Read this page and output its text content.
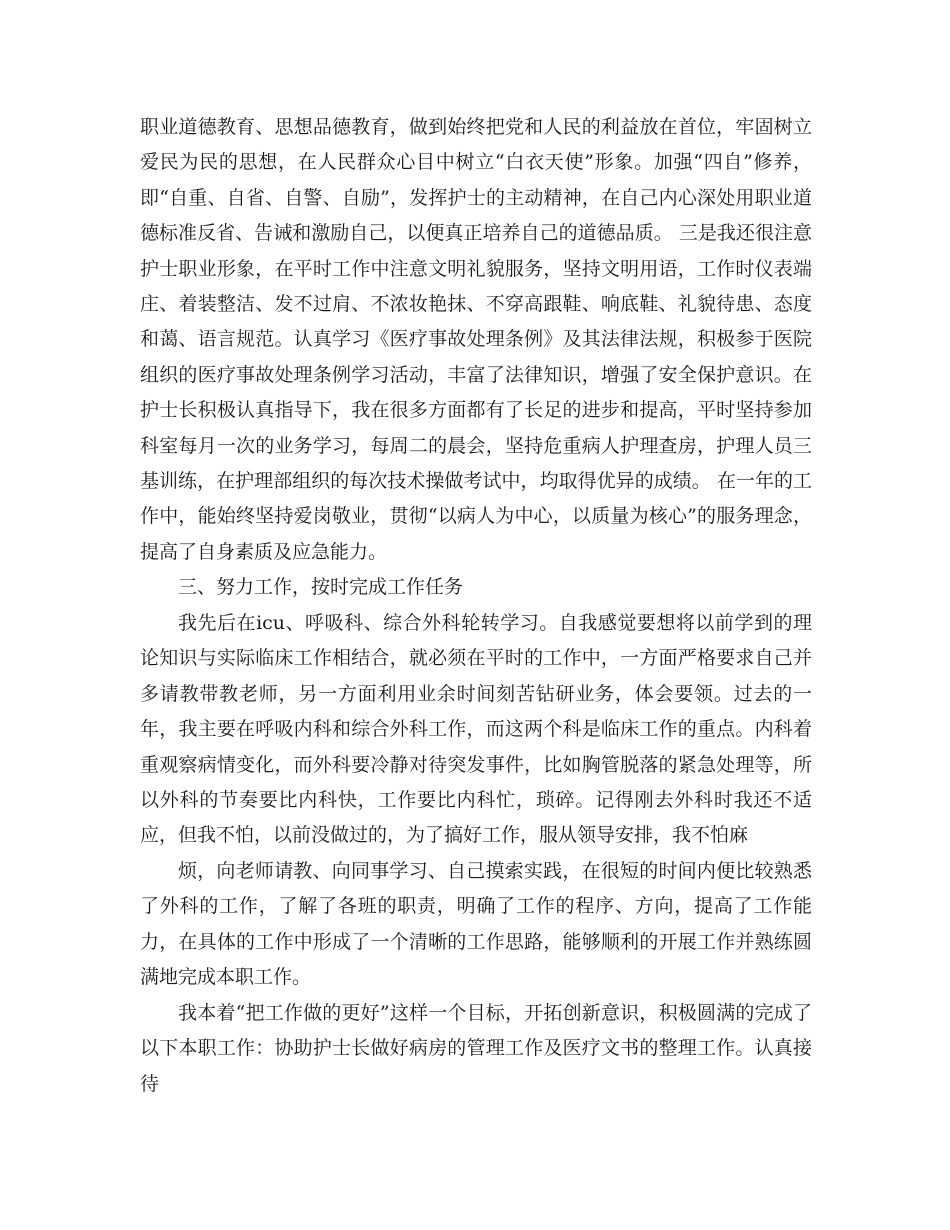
职业道德教育、思想品德教育，做到始终把党和人民的利益放在首位，牢固树立爱民为民的思想，在人民群众心目中树立“白衣天使”形象。加强“四自”修养，即“自重、自省、自警、自励”，发挥护士的主动精神，在自己内心深处用职业道德标准反省、告诫和激励自己，以便真正培养自己的道德品质。 三是我还很注意护士职业形象，在平时工作中注意文明礼貌服务，坚持文明用语，工作时仪表端庄、着装整洁、发不过肩、不浓妆艳抹、不穿高跟鞋、响底鞋、礼貌待患、态度和蔼、语言规范。认真学习《医疗事故处理条例》及其法律法规，积极参于医院组织的医疗事故处理条例学习活动，丰富了法律知识，增强了安全保护意识。在护士长积极认真指导下，我在很多方面都有了长足的进步和提高，平时坚持参加科室每月一次的业务学习，每周二的晨会，坚持危重病人护理查房，护理人员三基训练，在护理部组织的每次技术操做考试中，均取得优异的成绩。 在一年的工作中，能始终坚持爱岗敬业，贯彻“以病人为中心，以质量为核心”的服务理念，提高了自身素质及应急能力。

三、努力工作，按时完成工作任务

我先后在icu、呼吸科、综合外科轮转学习。自我感觉要想将以前学到的理论知识与实际临床工作相结合，就必须在平时的工作中，一方面严格要求自己并多请教带教老师，另一方面利用业余时间刻苦钻研业务，体会要领。过去的一年，我主要在呼吸内科和综合外科工作，而这两个科是临床工作的重点。内科着重观察病情变化，而外科要冷静对待突发事件，比如胸管脱落的紧急处理等，所以外科的节奏要比内科快，工作要比内科忙，琐碎。记得刚去外科时我还不适应，但我不怕，以前没做过的，为了搞好工作，服从领导安排，我不怕麻

烦，向老师请教、向同事学习、自己摸索实践，在很短的时间内便比较熟悉了外科的工作，了解了各班的职责，明确了工作的程序、方向，提高了工作能力，在具体的工作中形成了一个清晰的工作思路，能够顺利的开展工作并熟练圆满地完成本职工作。

我本着“把工作做的更好”这样一个目标，开拓创新意识，积极圆满的完成了以下本职工作：协助护士长做好病房的管理工作及医疗文书的整理工作。认真接待
